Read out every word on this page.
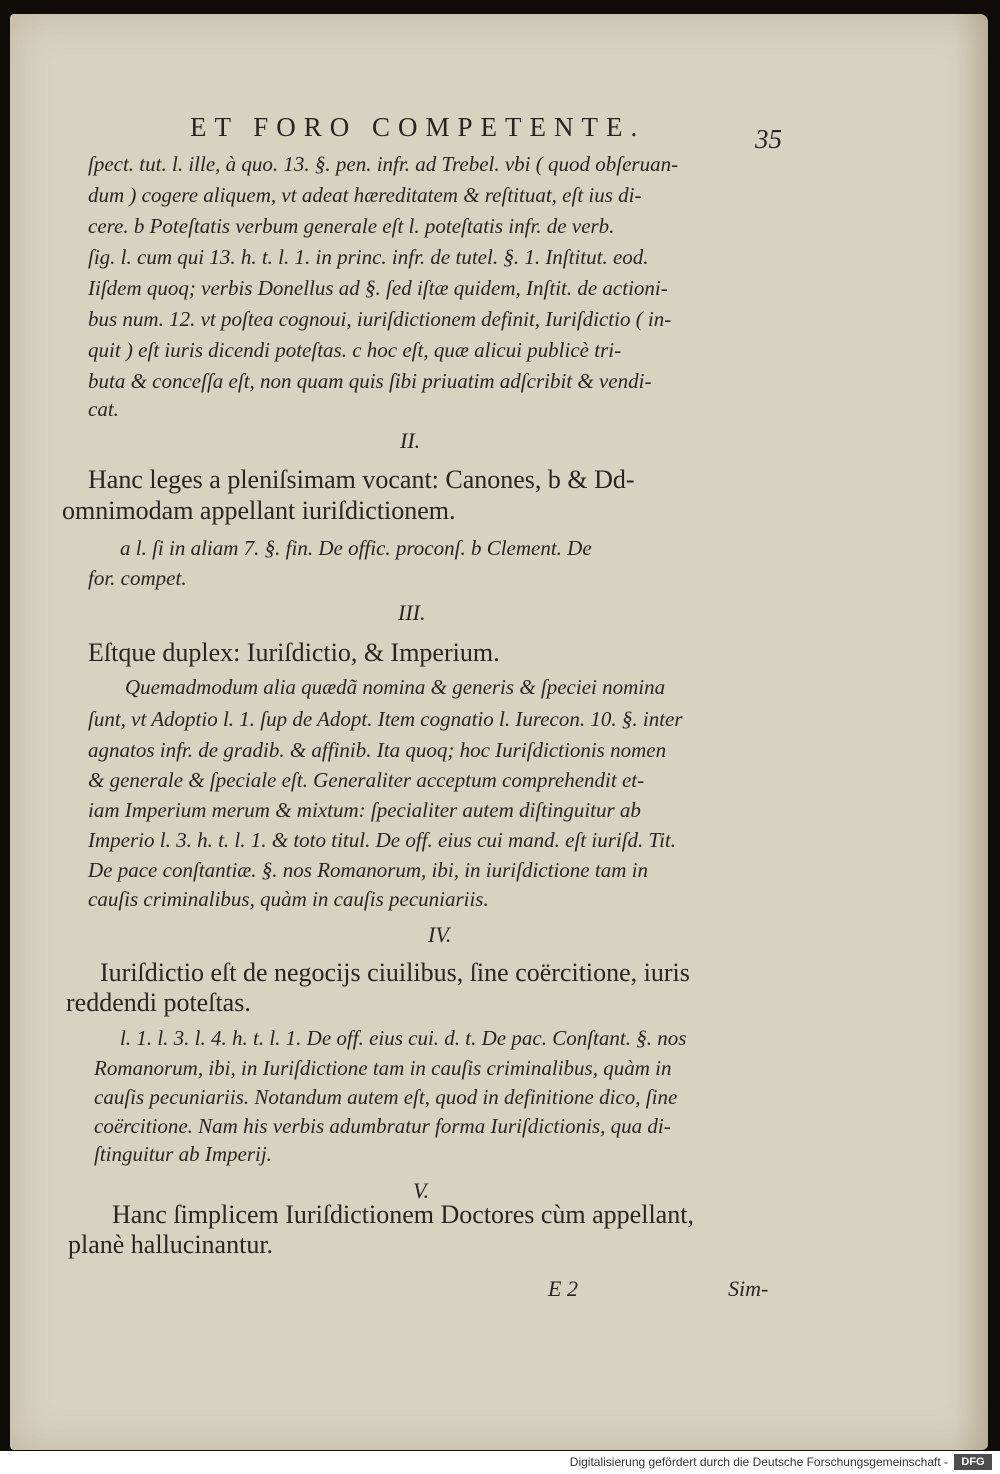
ET FORO COMPETENTE.	35
ſpect. tut. l. ille, à quo. 13. §. pen. infr. ad Trebel. vbi ( quod obſeruan-
dum ) cogere aliquem, vt adeat hæreditatem & reſtituat, eſt ius di-
cere. b Poteſtatis verbum generale eſt l. poteſtatis infr. de verb.
ſig. l. cum qui 13. h. t. l. 1. in princ. infr. de tutel. §. 1. Inſtitut. eod.
Iiſdem quoq; verbis Donellus ad §. ſed iſtæ quidem, Inſtit. de actioni-
bus num. 12. vt poſtea cognoui, iuriſdictionem definit, Iuriſdictio ( in-
quit ) eſt iuris dicendi poteſtas. c hoc eſt, quæ alicui publicè tri-
buta & conceſſa eſt, non quam quis ſibi priuatim adſcribit & vendi-
cat.
II.
Hanc leges a pleniſsimam vocant: Canones, b & Dd-
omnimodam appellant iuriſdictionem.
a l. ſi in aliam 7. §. fin. De offic. proconſ. b Clement. De
for. compet.
III.
Eſtque duplex: Iuriſdictio, & Imperium.
Quemadmodum alia quædã nomina & generis & ſpeciei nomina
ſunt, vt Adoptio l. 1. ſup de Adopt. Item cognatio l. Iurecon. 10. §. inter
agnatos infr. de gradib. & affinib. Ita quoq; hoc Iuriſdictionis nomen
& generale & ſpeciale eſt. Generaliter acceptum comprehendit et-
iam Imperium merum & mixtum: ſpecialiter autem diſtinguitur ab
Imperio l. 3. h. t. l. 1. & toto titul. De off. eius cui mand. eſt iuriſd. Tit.
De pace conſtantiæ. §. nos Romanorum, ibi, in iuriſdictione tam in
cauſis criminalibus, quàm in cauſis pecuniariis.
IV.
Iuriſdictio eſt de negocijs ciuilibus, ſine coërcitione, iuris
reddendi poteſtas.
l. 1. l. 3. l. 4. h. t. l. 1. De off. eius cui. d. t. De pac. Conſtant. §. nos
Romanorum, ibi, in Iuriſdictione tam in cauſis criminalibus, quàm in
cauſis pecuniariis. Notandum autem eſt, quod in definitione dico, ſine
coërcitione. Nam his verbis adumbratur forma Iuriſdictionis, qua di-
ſtinguitur ab Imperij.
V.
Hanc ſimplicem Iuriſdictionem Doctores cùm appellant,
planè hallucinantur.
E 2	Sim-
Digitalisierung gefördert durch die Deutsche Forschungsgemeinschaft -	DFG
